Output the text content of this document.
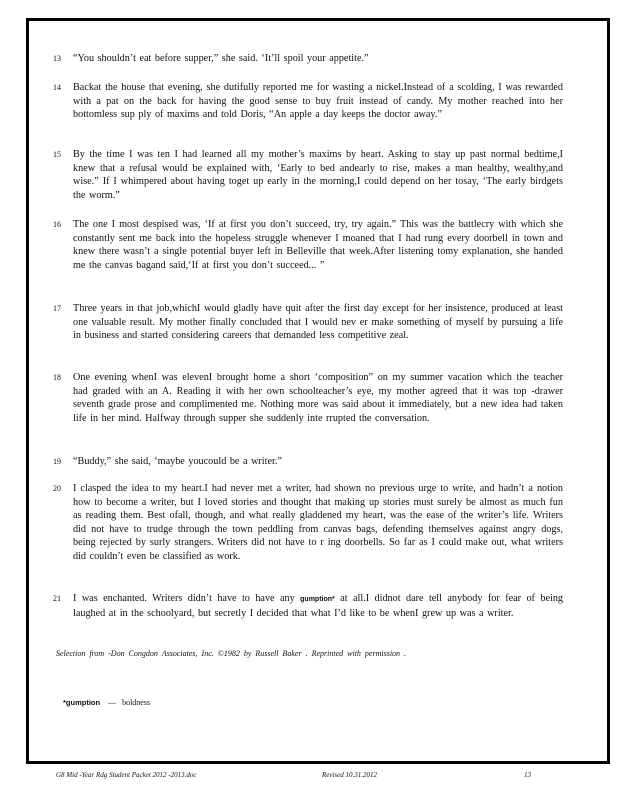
13	“You shouldn’t eat before supper,” she said. ‘It’ll spoil your appetite.”
14	Backat the house that evening, she dutifully reported me for wasting a nickel.Instead of a scolding, I was rewarded with a pat on the back for having the good sense to buy fruit instead of candy. My mother reached into her bottomless sup ply of maxims and told Doris, “An apple a day keeps the doctor away.”
15	By the time I was ten I had learned all my mother’s maxims by heart. Asking to stay up past normal bedtime,I knew that a refusal would be explained with, ‘Early to bed andearly to rise, makes a man healthy, wealthy,and wise.” If I whimpered about having toget up early in the morning,I could depend on her tosay, ‘The early birdgets the worm.”
16	The one I most despised was, ‘If at first you don’t succeed, try, try again.” This was the battlecry with which she constantly sent me back into the hopeless struggle whenever I moaned that I had rung every doorbell in town and knew there wasn’t a single potential buyer left in Belleville that week.After listening tomy explanation, she handed me the canvas bagand said,‘If at first you don’t succeed... ”
17	Three years in that job,whichI would gladly have quit after the first day except for her insistence, produced at least one valuable result. My mother finally concluded that I would nev er make something of myself by pursuing a life in business and started considering careers that demanded less competitive zeal.
18	One evening whenI was elevenI brought home a short ‘composition” on my summer vacation which the teacher had graded with an A. Reading it with her own schoolteacher’s eye, my mother agreed that it was top -drawer seventh grade prose and complimented me. Nothing more was said about it immediately, but a new idea had taken life in her mind. Halfway through supper she suddenly inte rrupted the conversation.
19	“Buddy,” she said, ‘maybe youcould be a writer.”
20	I clasped the idea to my heart.I had never met a writer, had shown no previous urge to write, and hadn’t a notion how to become a writer, but I loved stories and thought that making up stories must surely be almost as much fun as reading them. Best ofall, though, and what really gladdened my heart, was the ease of the writer’s life. Writers did not have to trudge through the town peddling from canvas bags, defending themselves against angry dogs, being rejected by surly strangers. Writers did not have to r ing doorbells. So far as I could make out, what writers did couldn’t even be classified as work.
21	I was enchanted. Writers didn’t have to have any gumption* at all.I didnot dare tell anybody for fear of being laughed at in the schoolyard, but secretly I decided that what I’d like to be whenI grew up was a writer.
Selection from -Don Congdon Associates, Inc. ©1982 by Russell Baker . Reprinted with permission .
*gumption — boldness
G8 Mid -Year Rdg Student Packet 2012 -2013.doc	Revised 10.31.2012	13
